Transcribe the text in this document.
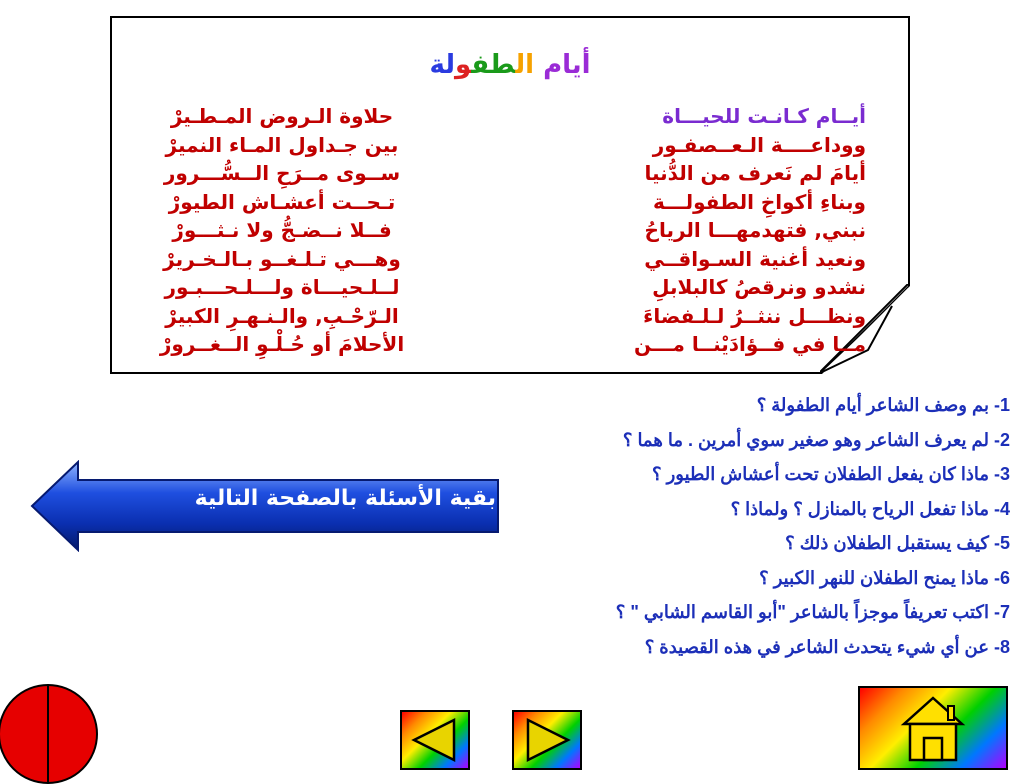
أيام الطفولة
أيــام كـانـت للحيـــاة
ووداعــــة الـعــصفـور
أيامَ لم نَعرف من الدُّنيا
وبناءِ أكواخِ الطفولـــة
نبني, فتهدمهـــا الرياحُ
ونعيد أغنية السـواقــي
نشدو ونرقصُ كالبلابلِ
ونظـــل ننثــرُ لـلـفضاءَ
مــا في فــؤادَيْنــا مـــن
حلاوة الـروض المـطـيرْ
بين جـداول المـاء النميرْ
ســوى مــرَحِ الــسُّـــرور
تـحــت أعشـاش الطيورْ
فــلا نــضـجُّ ولا نـثـــورْ
وهـــي تـلـغــو بـالـخـريرْ
لــلـحيـــاة ولـــلـحـــبـور
الـرّحْـبِ, والـنـهـرِ الكبيرْ
الأحلامَ أو حُـلْـوِ الــغــرورْ
1- بم وصف الشاعر أيام الطفولة ؟
2- لم يعرف الشاعر وهو صغير سوي أمرين . ما هما ؟
3- ماذا كان يفعل الطفلان تحت أعشاش الطيور ؟
4- ماذا تفعل الرياح بالمنازل ؟ ولماذا ؟
5- كيف يستقبل الطفلان ذلك ؟
6- ماذا يمنح الطفلان للنهر الكبير ؟
7- اكتب تعريفاً موجزاً بالشاعر "أبو القاسم الشابي " ؟
8- عن أي شيء يتحدث الشاعر في هذه القصيدة ؟
بقية الأسئلة بالصفحة التالية
